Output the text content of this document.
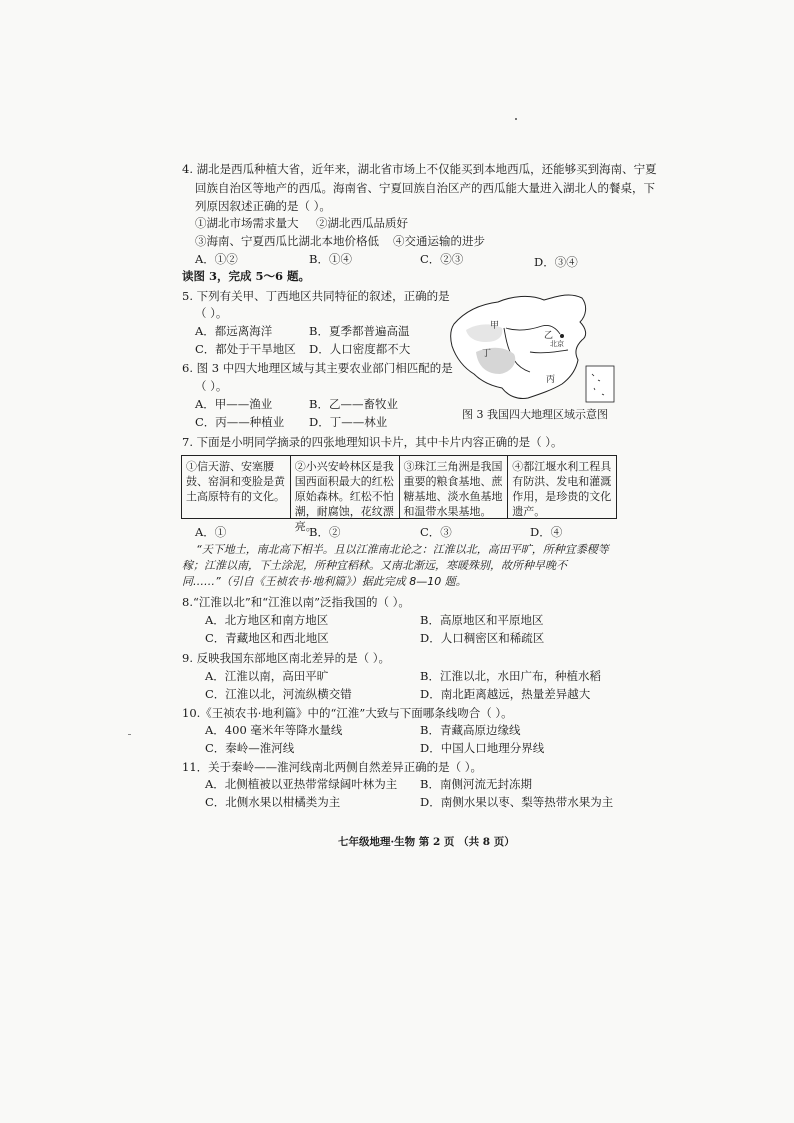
4. 湖北是西瓜种植大省，近年来，湖北省市场上不仅能买到本地西瓜，还能够买到海南、宁夏
回族自治区等地产的西瓜。海南省、宁夏回族自治区产的西瓜能大量进入湖北人的餐桌，下
列原因叙述正确的是（ ）。
①湖北市场需求量大 ②湖北西瓜品质好
③海南、宁夏西瓜比湖北本地价格低 ④交通运输的进步
A．①②	B．①④	C．②③	D．③④
读图 3，完成 5～6 题。
5. 下列有关甲、丁西地区共同特征的叙述，正确的是
（ ）。
A．都远离海洋	B．夏季都普遍高温
C．都处于干旱地区 D．人口密度都不大
6. 图 3 中四大地理区域与其主要农业部门相匹配的是
（ ）。
A．甲——渔业	B．乙——畜牧业
C．丙——种植业 D．丁——林业
甲
乙
北京
丁
丙
图 3 我国四大地理区域示意图
7. 下面是小明同学摘录的四张地理知识卡片，其中卡片内容正确的是（ ）。
①信天游、安塞腰鼓、窑洞和变脸是黄土高原特有的文化。
②小兴安岭林区是我国西面积最大的红松原始森林。红松不怕潮，耐腐蚀，花纹漂亮。
③珠江三角洲是我国重要的粮食基地、蔗糖基地、淡水鱼基地和温带水果基地。
④都江堰水利工程具有防洪、发电和灌溉作用，是珍贵的文化遗产。
A．①	B．②	C．③	D．④
“天下地土，南北高下相半。且以江淮南北论之：江淮以北，高田平旷，所种宜黍稷等稼；江淮以南，下土涂泥，所种宜稻秫。又南北渐远，寒暖殊别，故所种早晚不同……”（引自《王祯农书·地利篇》）据此完成 8—10 题。
8.“江淮以北”和“江淮以南”泛指我国的（ ）。
A．北方地区和南方地区	B．高原地区和平原地区
C．青藏地区和西北地区	D．人口稠密区和稀疏区
9. 反映我国东部地区南北差异的是（ ）。
A．江淮以南，高田平旷	B．江淮以北，水田广布，种植水稻
C．江淮以北，河流纵横交错	D．南北距离越远，热量差异越大
10.《王祯农书·地利篇》中的“江淮”大致与下面哪条线吻合（ ）。
A．400 毫米年等降水量线	B．青藏高原边缘线
C．秦岭—淮河线	D．中国人口地理分界线
11．关于秦岭——淮河线南北两侧自然差异正确的是（ ）。
A．北侧植被以亚热带常绿阔叶林为主 B．南侧河流无封冻期
C．北侧水果以柑橘类为主	D．南侧水果以枣、梨等热带水果为主
七年级地理·生物 第 2 页 （共 8 页）
